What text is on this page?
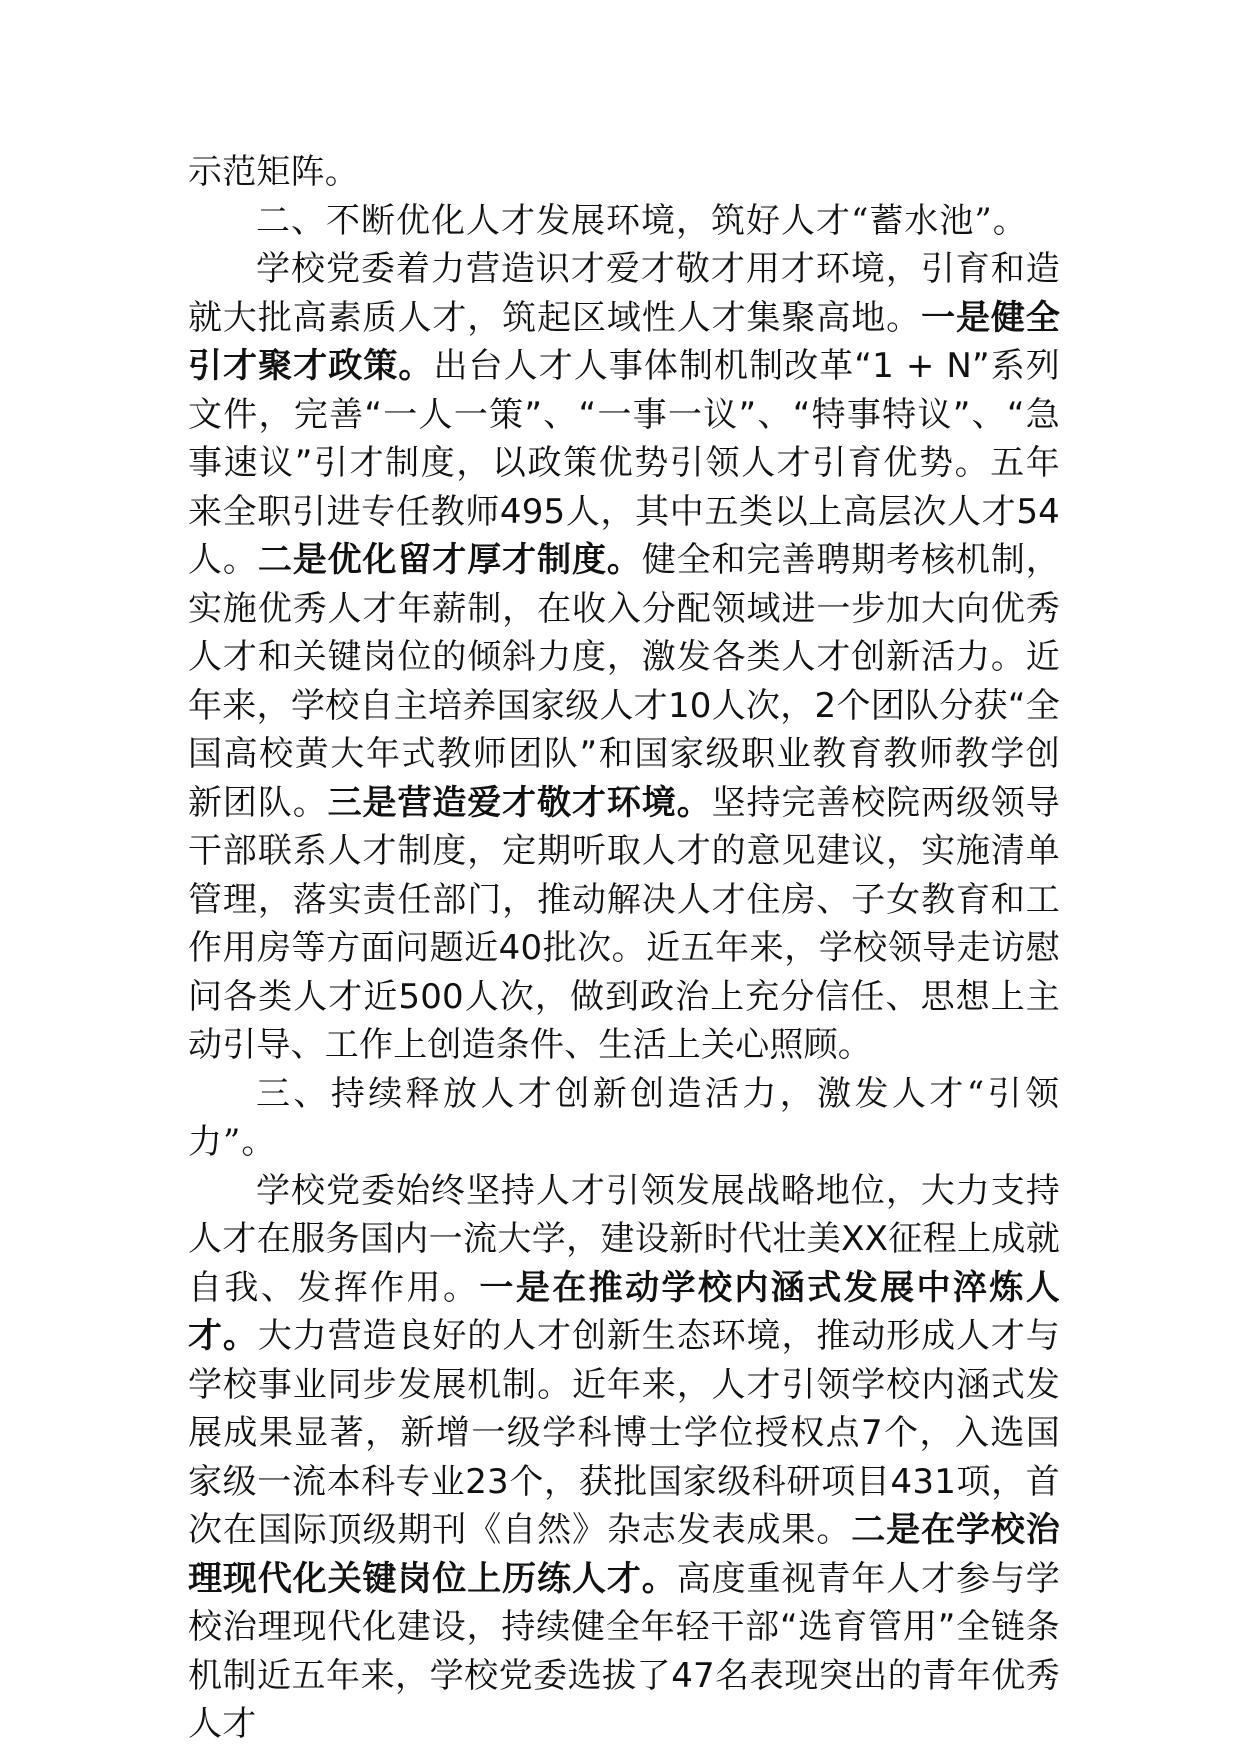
示范矩阵。

二、不断优化人才发展环境，筑好人才“蓄水池”。

学校党委着力营造识才爱才敬才用才环境，引育和造就大批高素质人才，筑起区域性人才集聚高地。一是健全引才聚才政策。出台人才人事体制机制改革“1 + N”系列文件，完善“一人一策”、“一事一议”、“特事特议”、“急事速议”引才制度，以政策优势引领人才引育优势。五年来全职引进专任教师495人，其中五类以上高层次人才54人。二是优化留才厚才制度。健全和完善聘期考核机制，实施优秀人才年薪制，在收入分配领域进一步加大向优秀人才和关键岗位的倾斜力度，激发各类人才创新活力。近年来，学校自主培养国家级人才10人次，2个团队分获“全国高校黄大年式教师团队”和国家级职业教育教师教学创新团队。三是营造爱才敬才环境。坚持完善校院两级领导干部联系人才制度，定期听取人才的意见建议，实施清单管理，落实责任部门，推动解决人才住房、子女教育和工作用房等方面问题近40批次。近五年来，学校领导走访慰问各类人才近500人次，做到政治上充分信任、思想上主动引导、工作上创造条件、生活上关心照顾。

三、持续释放人才创新创造活力，激发人才“引领力”。

学校党委始终坚持人才引领发展战略地位，大力支持人才在服务国内一流大学，建设新时代壮美XX征程上成就自我、发挥作用。一是在推动学校内涵式发展中淬炼人才。大力营造良好的人才创新生态环境，推动形成人才与学校事业同步发展机制。近年来，人才引领学校内涵式发展成果显著，新增一级学科博士学位授权点7个，入选国家级一流本科专业23个，获批国家级科研项目431项，首次在国际顶级期刊《自然》杂志发表成果。二是在学校治理现代化关键岗位上历练人才。高度重视青年人才参与学校治理现代化建设，持续健全年轻干部“选育管用”全链条机制近五年来，学校党委选拔了47名表现突出的青年优秀人才
